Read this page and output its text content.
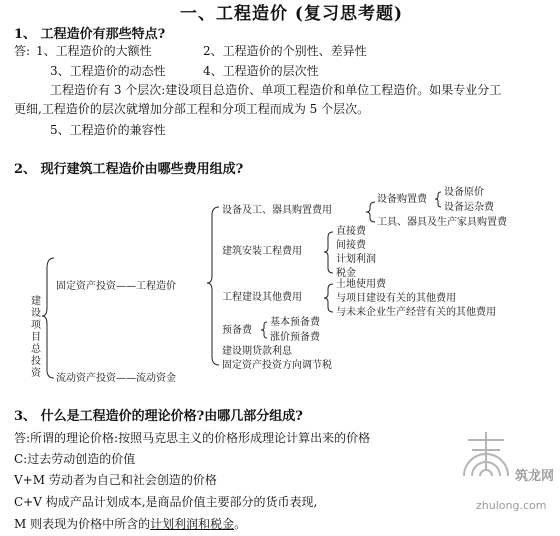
一、工程造价 (复习思考题)
1、 工程造价有那些特点?
答: 1、工程造价的大额性	2、工程造价的个别性、差异性
3、工程造价的动态性	4、工程造价的层次性
工程造价有 3 个层次:建设项目总造价、单项工程造价和单位工程造价。如果专业分工
更细,工程造价的层次就增加分部工程和分项工程而成为 5 个层次。
5、工程造价的兼容性
2、 现行建筑工程造价由哪些费用组成?
建设项目总投资
固定资产投资——工程造价
流动资产投资——流动资金
设备及工、器具购置费用
设备购置费
设备原价
设备运杂费
工具、器具及生产家具购置费
建筑安装工程费用
直接费
间接费
计划利润
税金
工程建设其他费用
土地使用费
与项目建设有关的其他费用
与未来企业生产经营有关的其他费用
预备费
基本预备费
涨价预备费
建设期贷款利息
固定资产投资方向调节税
3、 什么是工程造价的理论价格?由哪几部分组成?
答:所谓的理论价格:按照马克思主义的价格形成理论计算出来的价格
C:过去劳动创造的价值
V+M 劳动者为自己和社会创造的价格
C+V 构成产品计划成本,是商品价值主要部分的货币表现,
M 则表现为价格中所含的计划利润和税金。
筑龙网
zhulong.com
